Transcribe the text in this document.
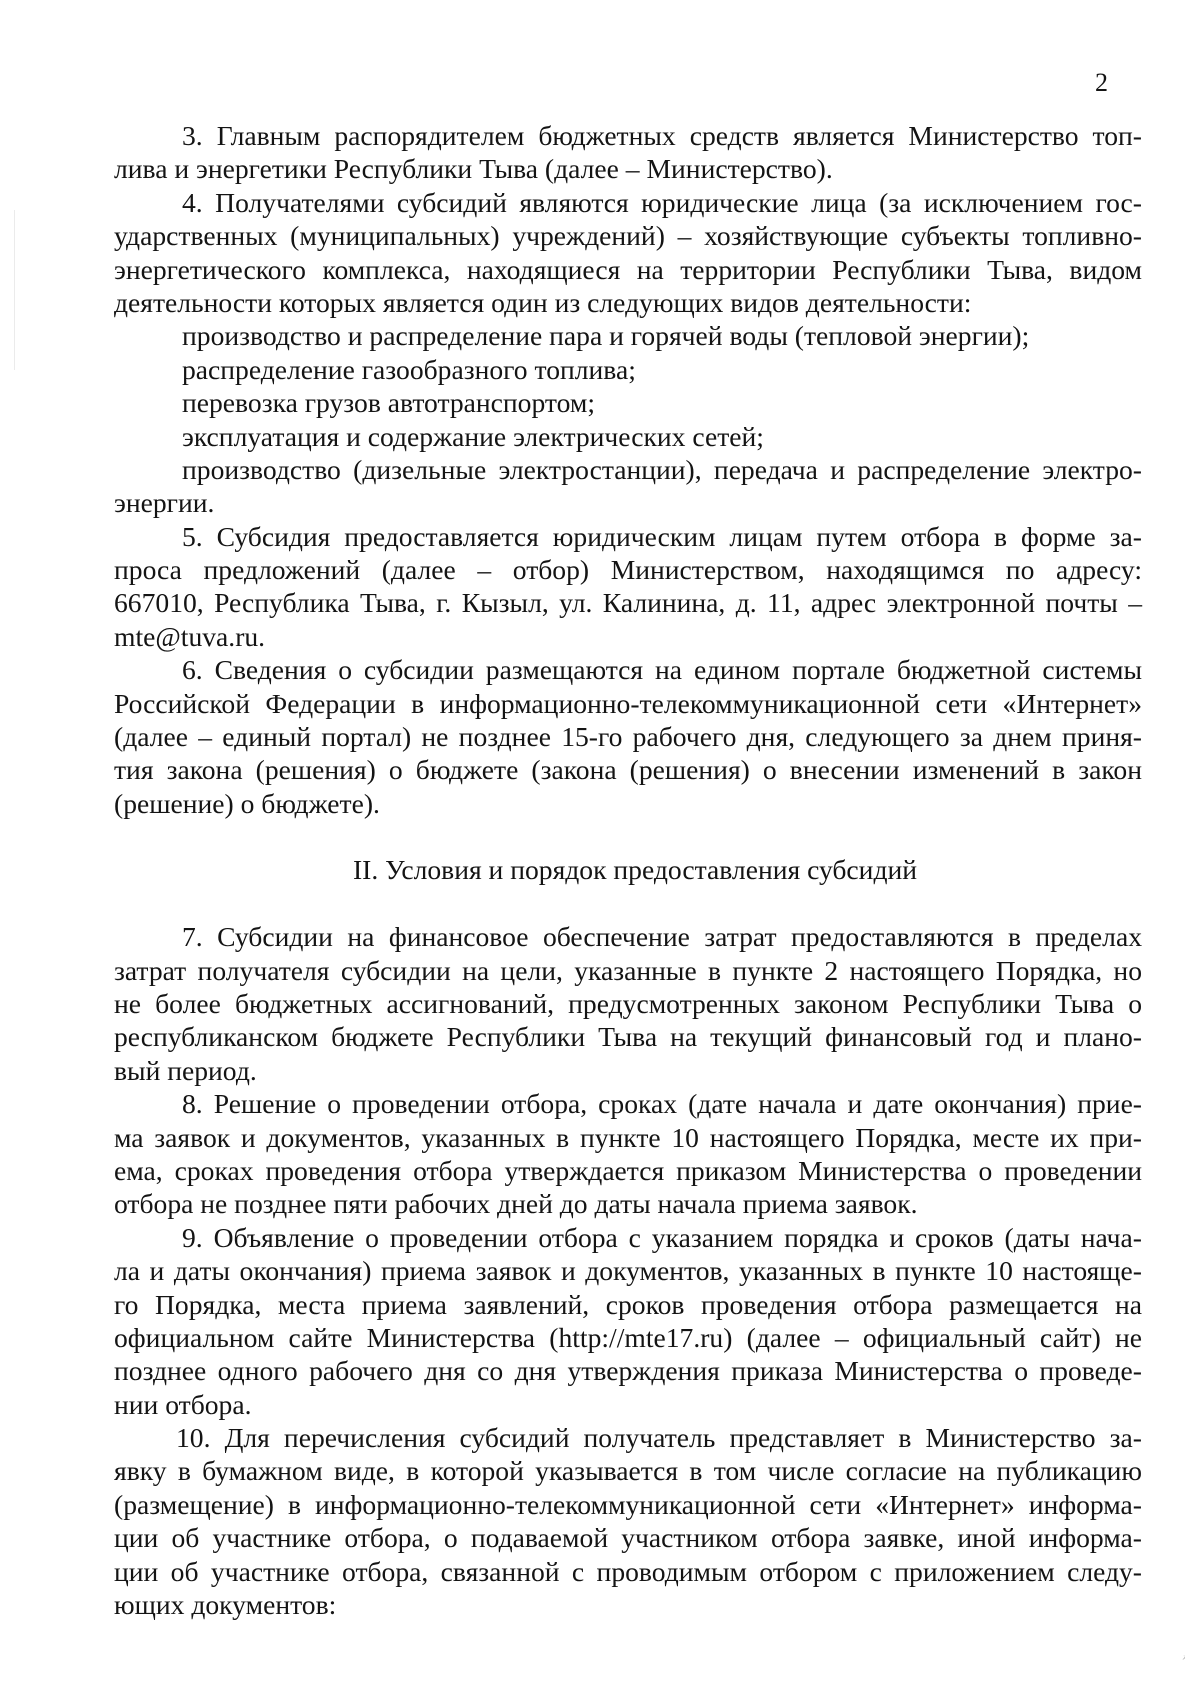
2
3. Главным распорядителем бюджетных средств является Министерство топ-
лива и энергетики Республики Тыва (далее – Министерство).
4. Получателями субсидий являются юридические лица (за исключением гос-
ударственных (муниципальных) учреждений) – хозяйствующие субъекты топливно-
энергетического комплекса, находящиеся на территории Республики Тыва, видом
деятельности которых является один из следующих видов деятельности:
производство и распределение пара и горячей воды (тепловой энергии);
распределение газообразного топлива;
перевозка грузов автотранспортом;
эксплуатация и содержание электрических сетей;
производство (дизельные электростанции), передача и распределение электро-
энергии.
5. Субсидия предоставляется юридическим лицам путем отбора в форме за-
проса предложений (далее – отбор) Министерством, находящимся по адресу:
667010, Республика Тыва, г. Кызыл, ул. Калинина, д. 11, адрес электронной почты –
mte@tuva.ru.
6. Сведения о субсидии размещаются на едином портале бюджетной системы
Российской Федерации в информационно-телекоммуникационной сети «Интернет»
(далее – единый портал) не позднее 15-го рабочего дня, следующего за днем приня-
тия закона (решения) о бюджете (закона (решения) о внесении изменений в закон
(решение) о бюджете).
II. Условия и порядок предоставления субсидий
7. Субсидии на финансовое обеспечение затрат предоставляются в пределах
затрат получателя субсидии на цели, указанные в пункте 2 настоящего Порядка, но
не более бюджетных ассигнований, предусмотренных законом Республики Тыва о
республиканском бюджете Республики Тыва на текущий финансовый год и плано-
вый период.
8. Решение о проведении отбора, сроках (дате начала и дате окончания) прие-
ма заявок и документов, указанных в пункте 10 настоящего Порядка, месте их при-
ема, сроках проведения отбора утверждается приказом Министерства о проведении
отбора не позднее пяти рабочих дней до даты начала приема заявок.
9. Объявление о проведении отбора с указанием порядка и сроков (даты нача-
ла и даты окончания) приема заявок и документов, указанных в пункте 10 настояще-
го Порядка, места приема заявлений, сроков проведения отбора размещается на
официальном сайте Министерства (http://mte17.ru) (далее – официальный сайт) не
позднее одного рабочего дня со дня утверждения приказа Министерства о проведе-
нии отбора.
10. Для перечисления субсидий получатель представляет в Министерство за-
явку в бумажном виде, в которой указывается в том числе согласие на публикацию
(размещение) в информационно-телекоммуникационной сети «Интернет» информа-
ции об участнике отбора, о подаваемой участником отбора заявке, иной информа-
ции об участнике отбора, связанной с проводимым отбором с приложением следу-
ющих документов:
